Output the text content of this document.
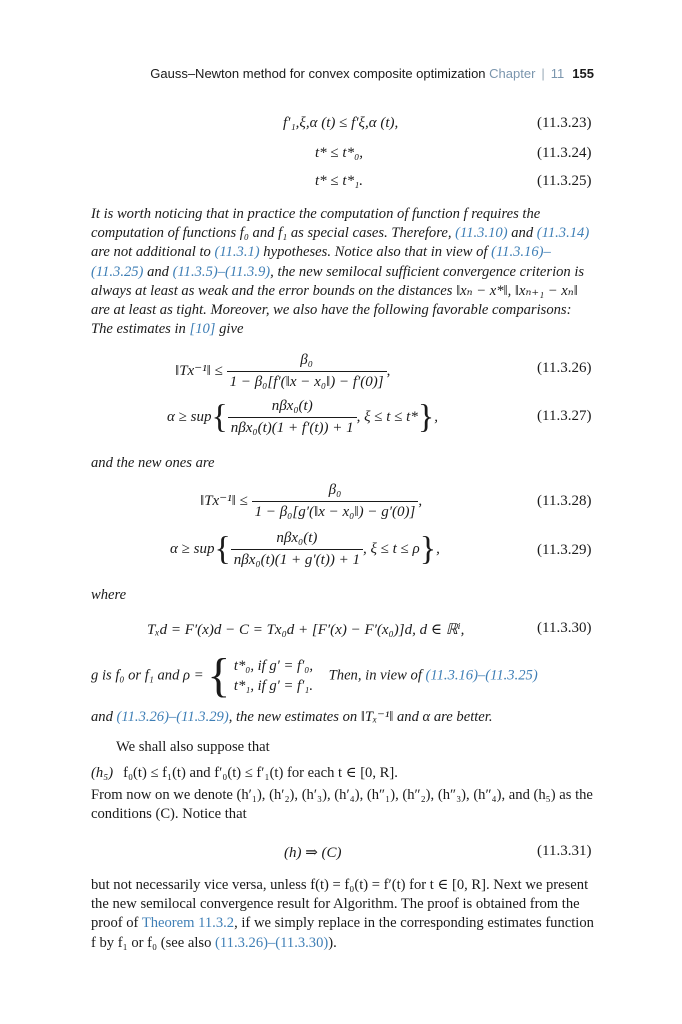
Gauss–Newton method for convex composite optimization Chapter | 11 155
f′₁,ξ,α (t) ≤ f′ξ,α (t),	(11.3.23)
t* ≤ t*₀,	(11.3.24)
t* ≤ t*₁.	(11.3.25)
It is worth noticing that in practice the computation of function f requires the computation of functions f₀ and f₁ as special cases. Therefore, (11.3.10) and (11.3.14) are not additional to (11.3.1) hypotheses. Notice also that in view of (11.3.16)–(11.3.25) and (11.3.5)–(11.3.9), the new semilocal sufficient convergence criterion is always at least as weak and the error bounds on the distances ‖xₙ − x*‖, ‖xₙ₊₁ − xₙ‖ are at least as tight. Moreover, we also have the following favorable comparisons: The estimates in [10] give
‖Tx⁻¹‖ ≤ $\frac{\text{β₀}}{\text{1 − β₀[f′(‖x − x₀‖) − f′(0)]}}$ ,	(11.3.26)
$\alpha \ge sup\{ \frac{\text{nβx₀(t)}}{\text{nβx₀(t)(1 + f′(t)) + 1}}$ , ξ ≤ t ≤ t*},	(11.3.27)
and the new ones are
‖Tx⁻¹‖ ≤ $\frac{\text{β₀}}{\text{1 − β₀[g′(‖x − x₀‖) − g′(0)]}}$ ,	(11.3.28)
$\alpha \ge sup\{ \frac{\text{nβx₀(t)}}{\text{nβx₀(t)(1 + g′(t)) + 1}}$ , ξ ≤ t ≤ ρ},	(11.3.29)
where
Tₓd = F′(x)d − C = Tx₀d + [F′(x) − F′(x₀)]d, d ∈ ℝⁱ,	(11.3.30)
g is f₀ or f₁ and ρ = { t*₀, if g′ = f′₀,
t*₁, if g′ = f′₁.
Then, in view of (11.3.16)–(11.3.25)
and (11.3.26)–(11.3.29), the new estimates on ‖Tₓ⁻¹‖ and α are better.
We shall also suppose that
(h₅) f₀(t) ≤ f₁(t) and f′₀(t) ≤ f′₁(t) for each t ∈ [0, R].
From now on we denote (h′₁), (h′₂), (h′₃), (h′₄), (h″₁), (h″₂), (h″₃), (h″₄), and (h₅) as the conditions (C). Notice that
(h) ⇒ (C)	(11.3.31)
but not necessarily vice versa, unless f(t) = f₀(t) = f′(t) for t ∈ [0, R]. Next we present the new semilocal convergence result for Algorithm. The proof is obtained from the proof of Theorem 11.3.2, if we simply replace in the corresponding estimates function f by f₁ or f₀ (see also (11.3.26)–(11.3.30)).
